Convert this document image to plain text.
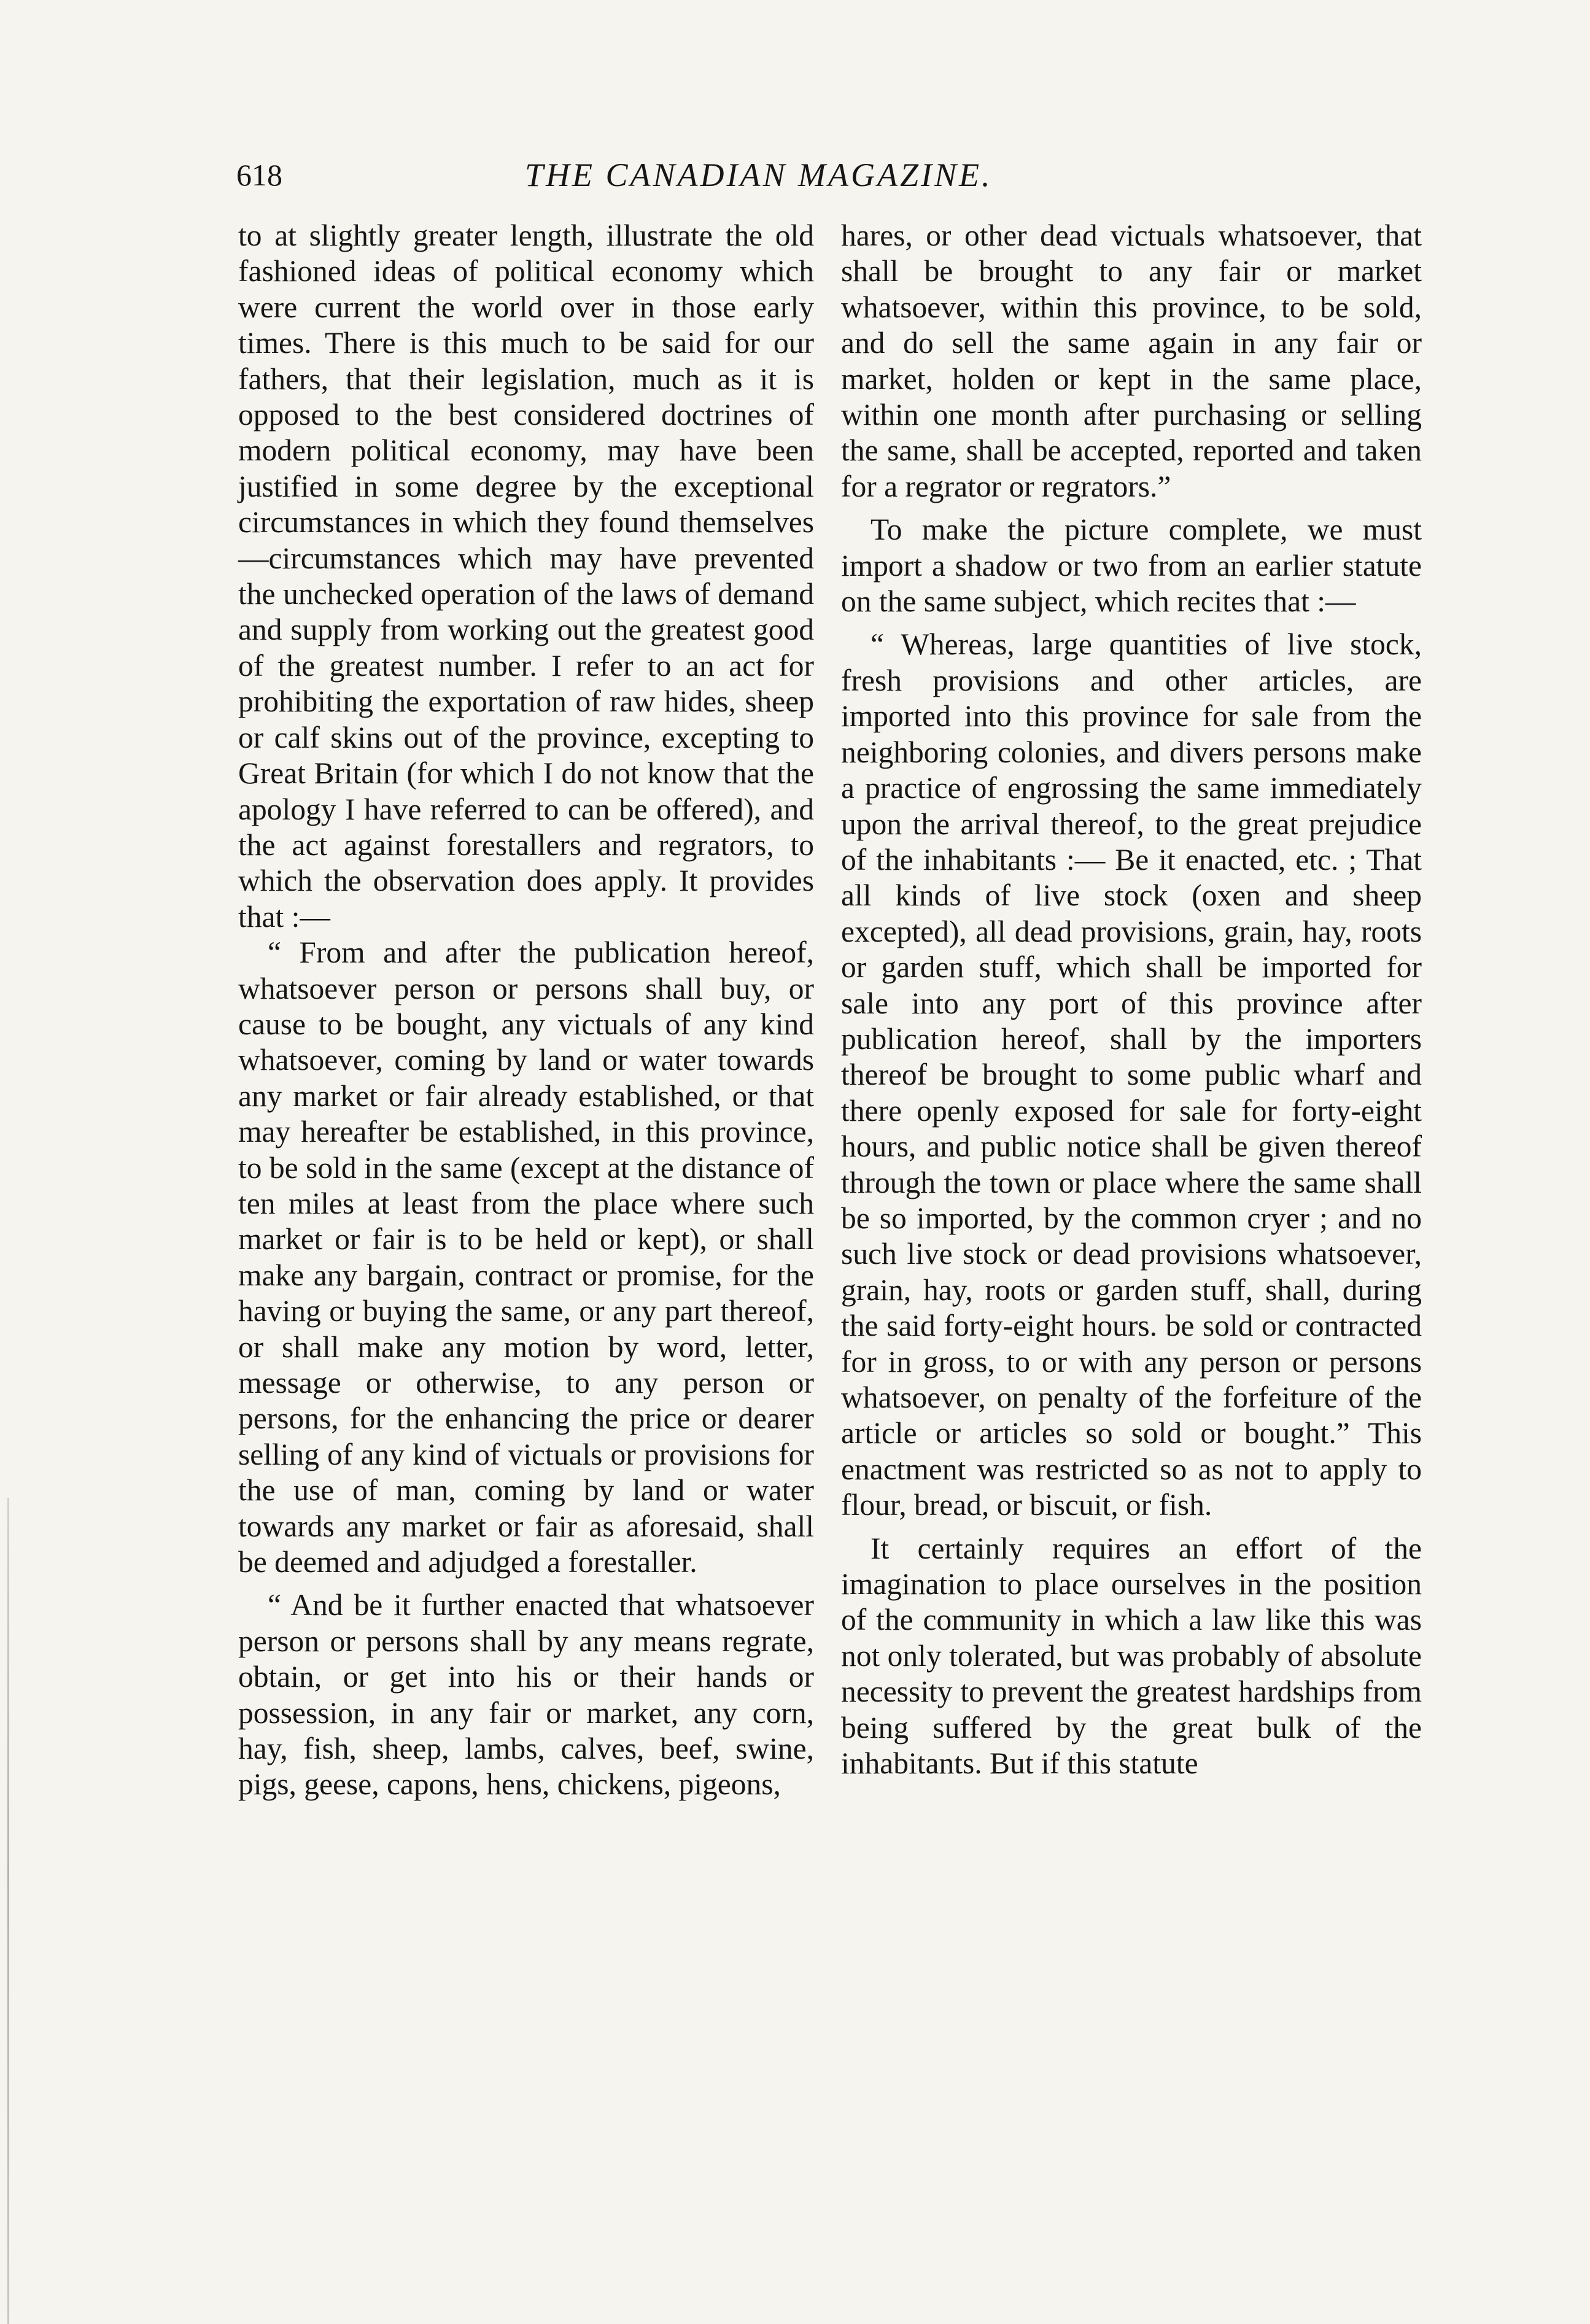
618	THE CANADIAN MAGAZINE.

to at slightly greater length, illustrate the old fashioned ideas of political economy which were current the world over in those early times. There is this much to be said for our fathers, that their legislation, much as it is opposed to the best considered doctrines of modern political economy, may have been justified in some degree by the exceptional circumstances in which they found themselves—circumstances which may have prevented the unchecked operation of the laws of demand and supply from working out the greatest good of the greatest number. I refer to an act for prohibiting the exportation of raw hides, sheep or calf skins out of the province, excepting to Great Britain (for which I do not know that the apology I have referred to can be offered), and the act against forestallers and regrators, to which the observation does apply. It provides that :—

“ From and after the publication hereof, whatsoever person or persons shall buy, or cause to be bought, any victuals of any kind whatsoever, coming by land or water towards any market or fair already established, or that may hereafter be established, in this province, to be sold in the same (except at the distance of ten miles at least from the place where such market or fair is to be held or kept), or shall make any bargain, contract or promise, for the having or buying the same, or any part thereof, or shall make any motion by word, letter, message or otherwise, to any person or persons, for the enhancing the price or dearer selling of any kind of victuals or provisions for the use of man, coming by land or water towards any market or fair as aforesaid, shall be deemed and adjudged a forestaller.

“ And be it further enacted that whatsoever person or persons shall by any means regrate, obtain, or get into his or their hands or possession, in any fair or market, any corn, hay, fish, sheep, lambs, calves, beef, swine, pigs, geese, capons, hens, chickens, pigeons,

hares, or other dead victuals whatsoever, that shall be brought to any fair or market whatsoever, within this province, to be sold, and do sell the same again in any fair or market, holden or kept in the same place, within one month after purchasing or selling the same, shall be accepted, reported and taken for a regrator or regrators.”

To make the picture complete, we must import a shadow or two from an earlier statute on the same subject, which recites that :—

“ Whereas, large quantities of live stock, fresh provisions and other articles, are imported into this province for sale from the neighboring colonies, and divers persons make a practice of engrossing the same immediately upon the arrival thereof, to the great prejudice of the inhabitants :— Be it enacted, etc. ; That all kinds of live stock (oxen and sheep excepted), all dead provisions, grain, hay, roots or garden stuff, which shall be imported for sale into any port of this province after publication hereof, shall by the importers thereof be brought to some public wharf and there openly exposed for sale for forty-eight hours, and public notice shall be given thereof through the town or place where the same shall be so imported, by the common cryer ; and no such live stock or dead provisions whatsoever, grain, hay, roots or garden stuff, shall, during the said forty-eight hours. be sold or contracted for in gross, to or with any person or persons whatsoever, on penalty of the forfeiture of the article or articles so sold or bought.” This enactment was restricted so as not to apply to flour, bread, or biscuit, or fish.

It certainly requires an effort of the imagination to place ourselves in the position of the community in which a law like this was not only tolerated, but was probably of absolute necessity to prevent the greatest hardships from being suffered by the great bulk of the inhabitants. But if this statute
